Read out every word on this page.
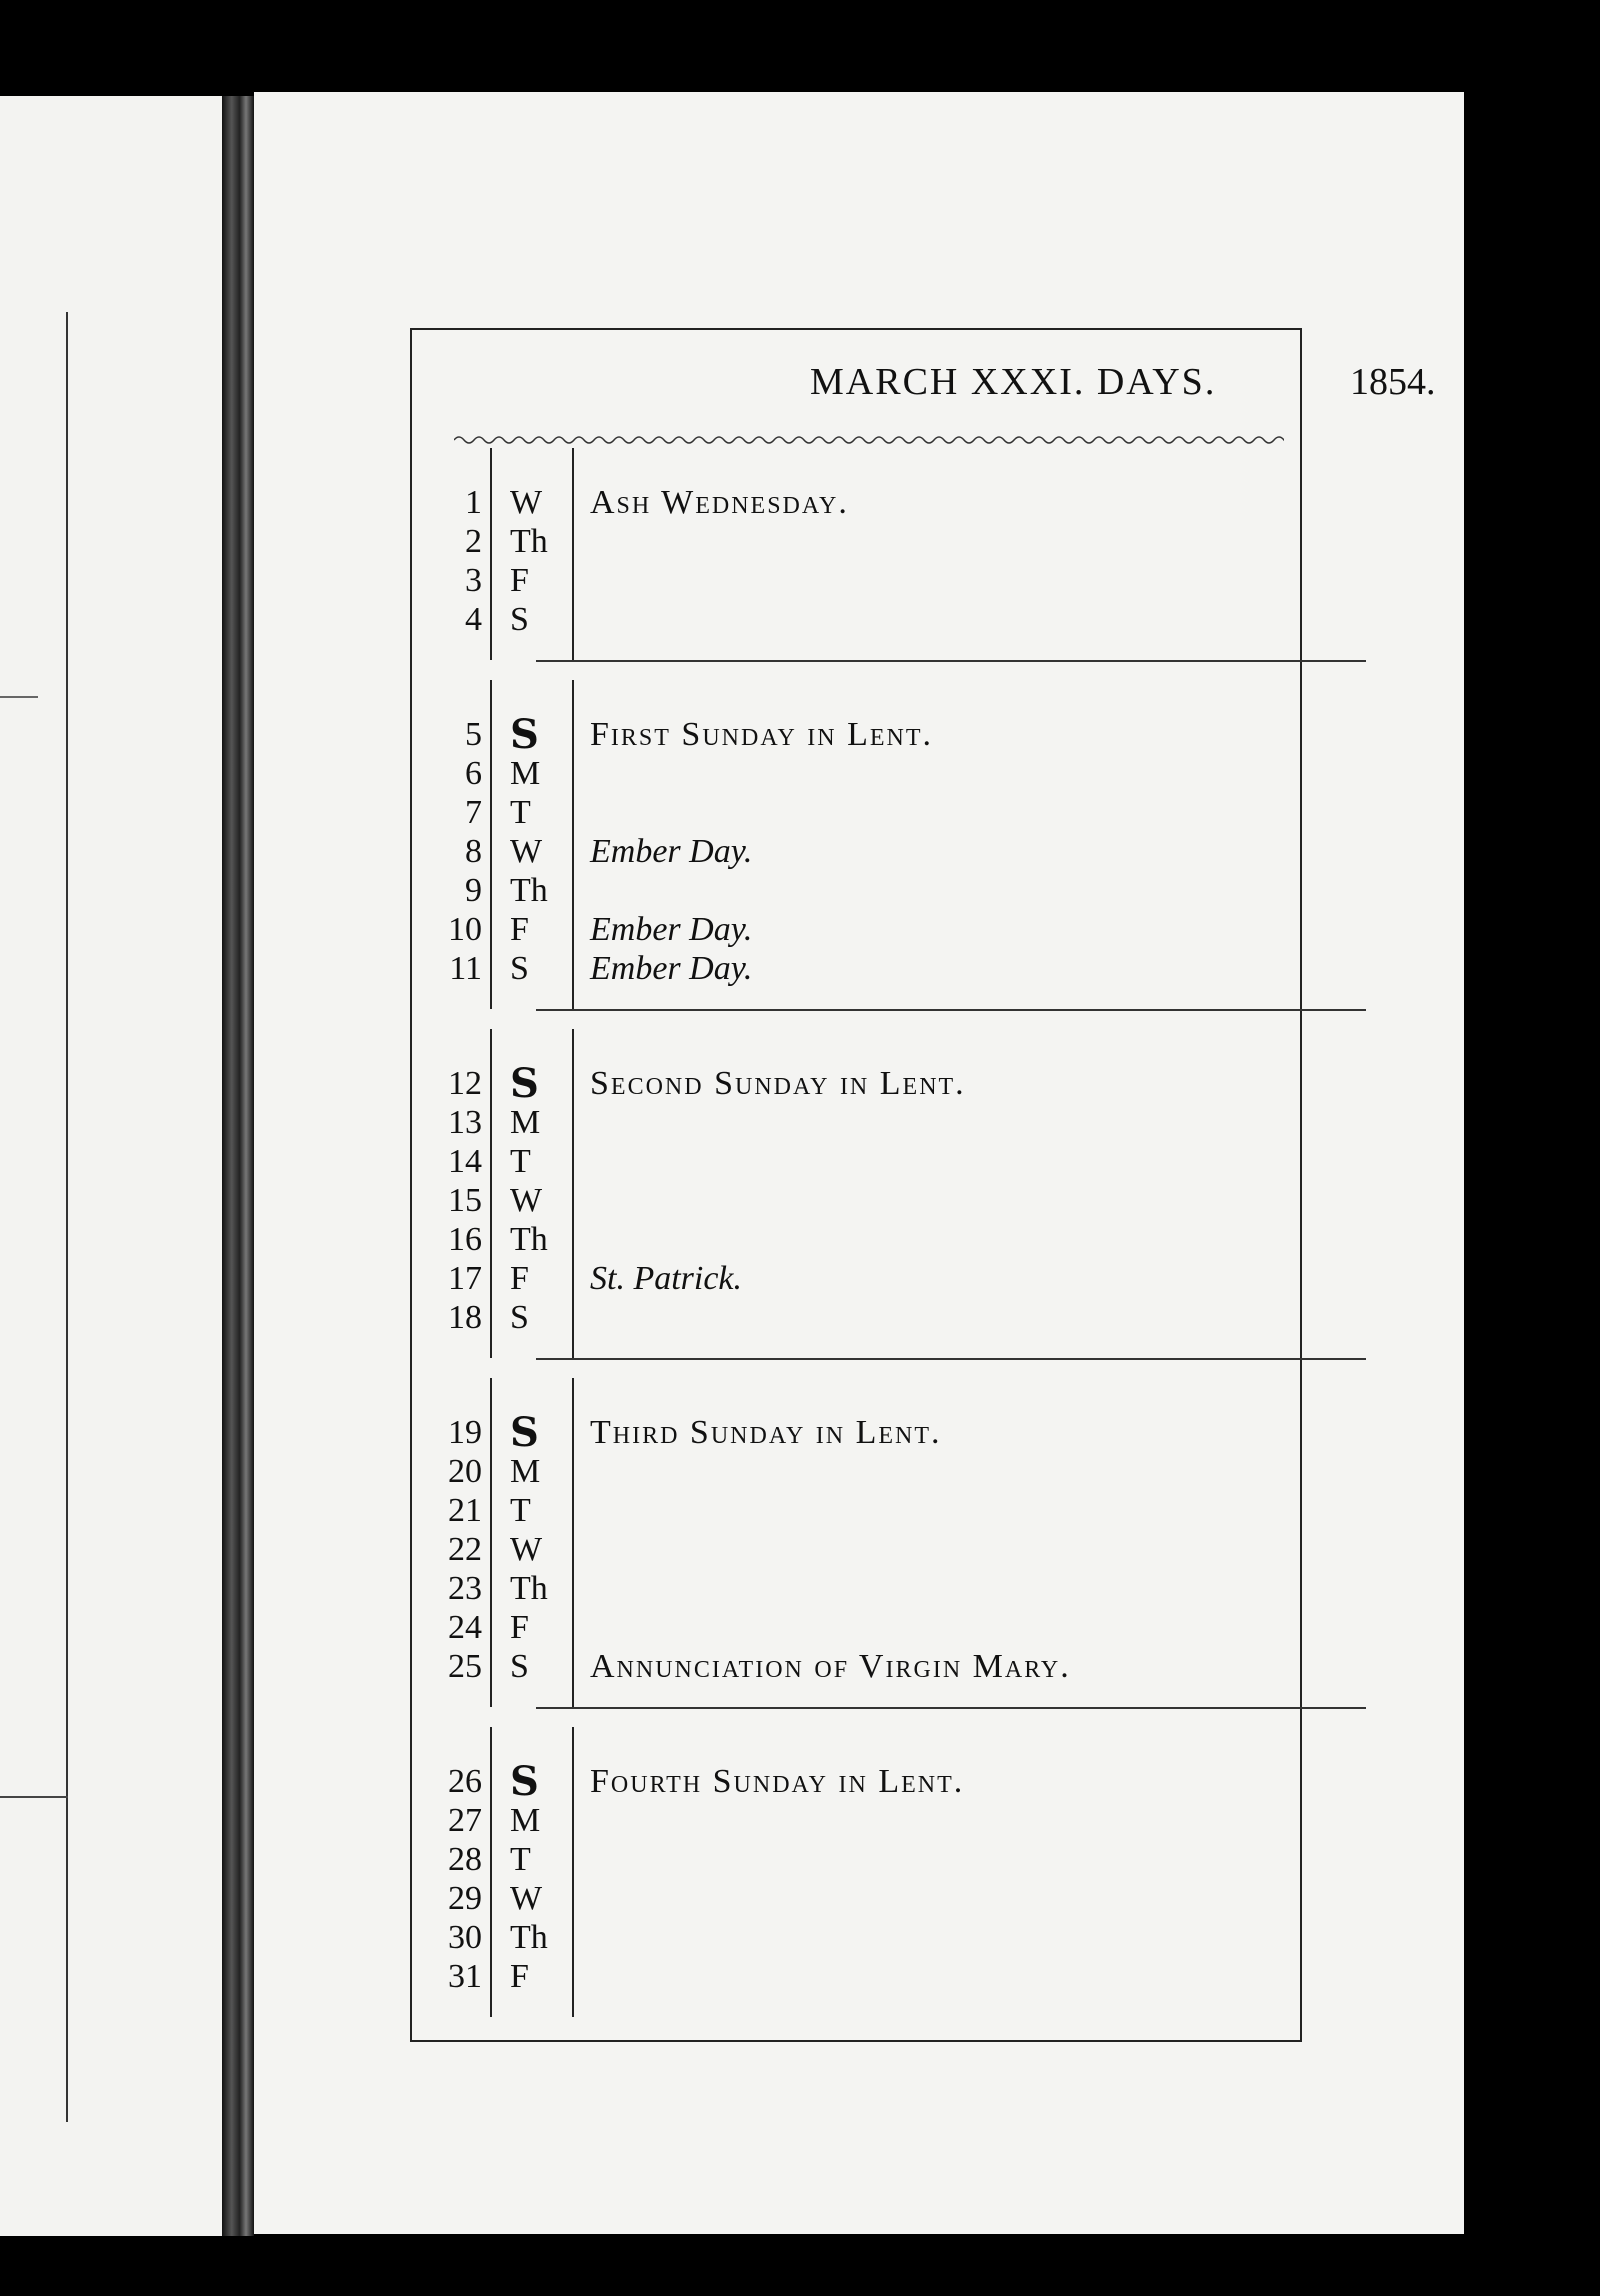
MARCH XXXI. DAYS.	1854.
1 W	Ash Wednesday.
2 Th
3 F
4 S
5 S	First Sunday in Lent.
6 M
7 T
8 W	Ember Day.
9 Th
10 F	Ember Day.
11 S	Ember Day.
12 S	Second Sunday in Lent.
13 M
14 T
15 W
16 Th
17 F	St. Patrick.
18 S
19 S	Third Sunday in Lent.
20 M
21 T
22 W
23 Th
24 F
25 S	Annunciation of Virgin Mary.
26 S	Fourth Sunday in Lent.
27 M
28 T
29 W
30 Th
31 F
